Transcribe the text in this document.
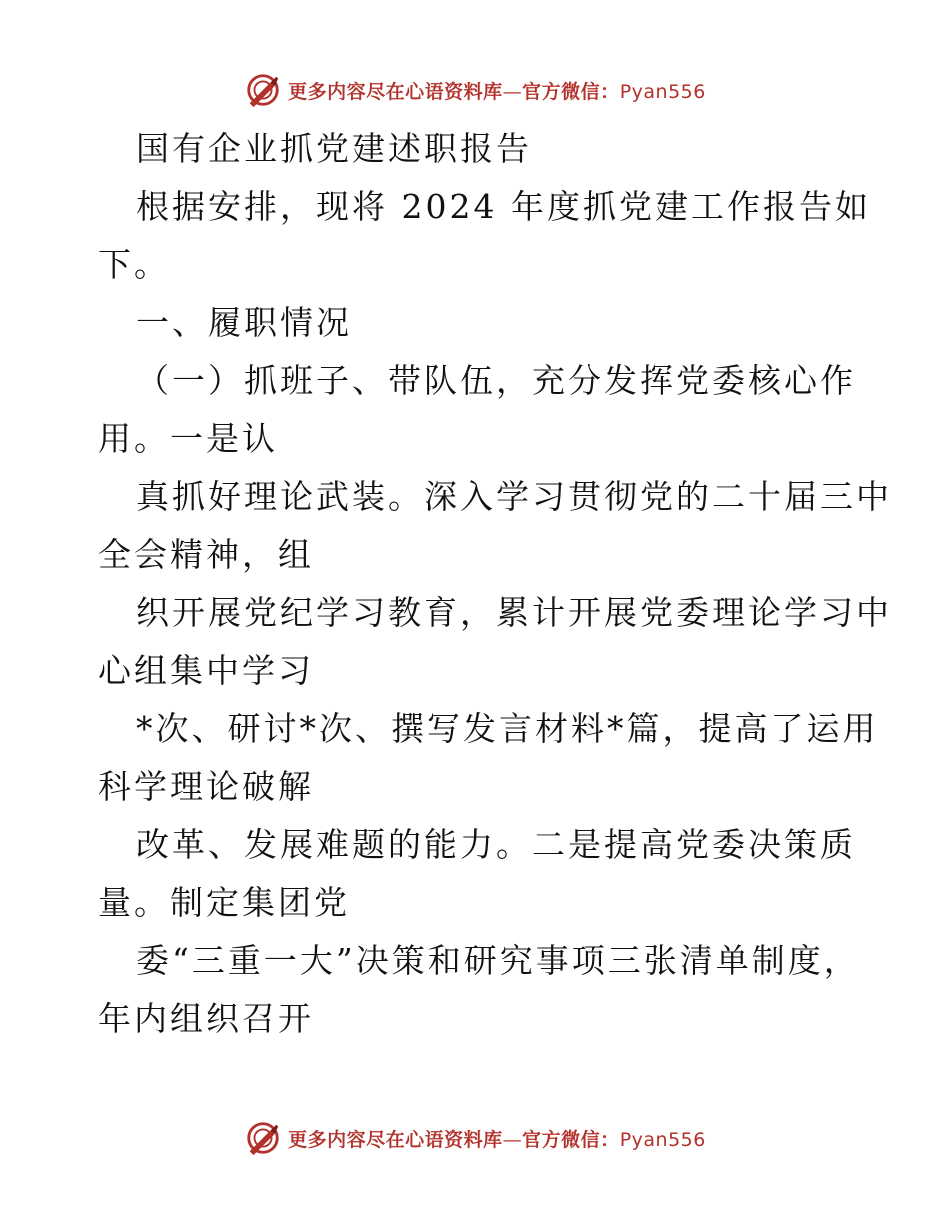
更多内容尽在心语资料库—官方微信：Pyan556
国有企业抓党建述职报告
根据安排，现将 2024 年度抓党建工作报告如
下。
一、履职情况
（一）抓班子、带队伍，充分发挥党委核心作
用。一是认
真抓好理论武装。深入学习贯彻党的二十届三中
全会精神，组
织开展党纪学习教育，累计开展党委理论学习中
心组集中学习
*次、研讨*次、撰写发言材料*篇，提高了运用
科学理论破解
改革、发展难题的能力。二是提高党委决策质
量。制定集团党
委“三重一大”决策和研究事项三张清单制度，
年内组织召开
更多内容尽在心语资料库—官方微信：Pyan556
